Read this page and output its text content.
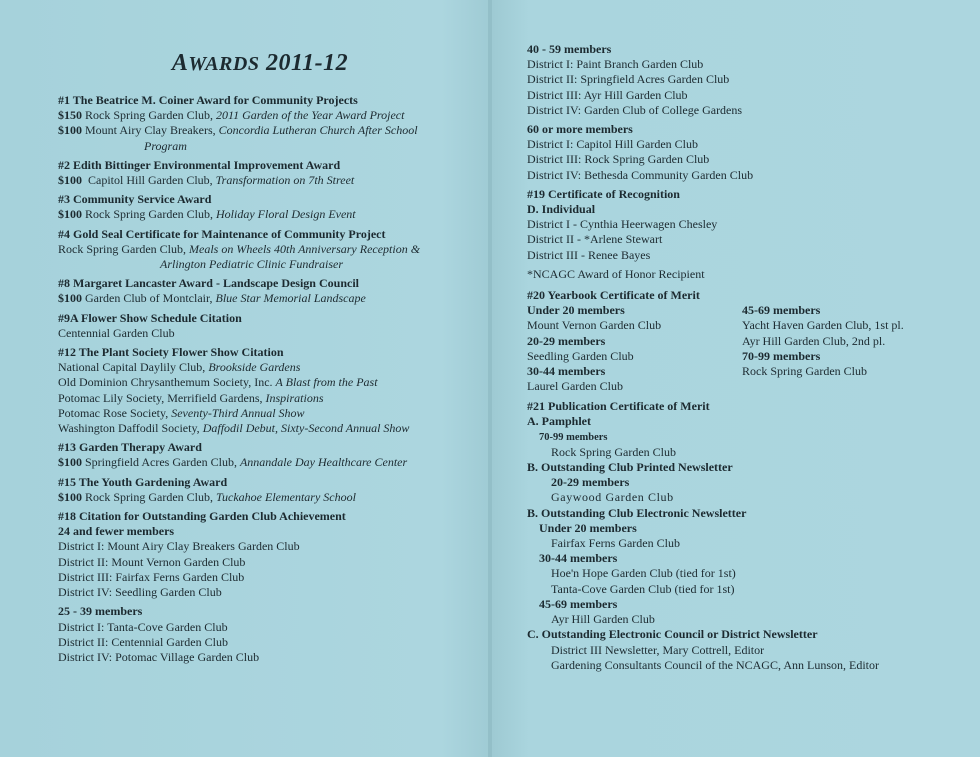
AWARDS 2011-12
#1 The Beatrice M. Coiner Award for Community Projects
$150 Rock Spring Garden Club, 2011 Garden of the Year Award Project
$100 Mount Airy Clay Breakers, Concordia Lutheran Church After School
Program
#2 Edith Bittinger Environmental Improvement Award
$100 Capitol Hill Garden Club, Transformation on 7th Street
#3 Community Service Award
$100 Rock Spring Garden Club, Holiday Floral Design Event
#4 Gold Seal Certificate for Maintenance of Community Project
Rock Spring Garden Club, Meals on Wheels 40th Anniversary Reception &
Arlington Pediatric Clinic Fundraiser
#8 Margaret Lancaster Award - Landscape Design Council
$100 Garden Club of Montclair, Blue Star Memorial Landscape
#9A Flower Show Schedule Citation
Centennial Garden Club
#12 The Plant Society Flower Show Citation
National Capital Daylily Club, Brookside Gardens
Old Dominion Chrysanthemum Society, Inc. A Blast from the Past
Potomac Lily Society, Merrifield Gardens, Inspirations
Potomac Rose Society, Seventy-Third Annual Show
Washington Daffodil Society, Daffodil Debut, Sixty-Second Annual Show
#13 Garden Therapy Award
$100 Springfield Acres Garden Club, Annandale Day Healthcare Center
#15 The Youth Gardening Award
$100 Rock Spring Garden Club, Tuckahoe Elementary School
#18 Citation for Outstanding Garden Club Achievement
24 and fewer members
District I: Mount Airy Clay Breakers Garden Club
District II: Mount Vernon Garden Club
District III: Fairfax Ferns Garden Club
District IV: Seedling Garden Club
25 - 39 members
District I: Tanta-Cove Garden Club
District II: Centennial Garden Club
District IV: Potomac Village Garden Club
40 - 59 members
District I: Paint Branch Garden Club
District II: Springfield Acres Garden Club
District III: Ayr Hill Garden Club
District IV: Garden Club of College Gardens
60 or more members
District I: Capitol Hill Garden Club
District III: Rock Spring Garden Club
District IV: Bethesda Community Garden Club
#19 Certificate of Recognition
D. Individual
District I - Cynthia Heerwagen Chesley
District II - *Arlene Stewart
District III - Renee Bayes
*NCAGC Award of Honor Recipient
#20 Yearbook Certificate of Merit
Under 20 members
Mount Vernon Garden Club
20-29 members
Seedling Garden Club
30-44 members
Laurel Garden Club
45-69 members
Yacht Haven Garden Club, 1st pl.
Ayr Hill Garden Club, 2nd pl.
70-99 members
Rock Spring Garden Club
#21 Publication Certificate of Merit
A. Pamphlet
70-99 members
Rock Spring Garden Club
B. Outstanding Club Printed Newsletter
20-29 members
Gaywood Garden Club
B. Outstanding Club Electronic Newsletter
Under 20 members
Fairfax Ferns Garden Club
30-44 members
Hoe'n Hope Garden Club (tied for 1st)
Tanta-Cove Garden Club (tied for 1st)
45-69 members
Ayr Hill Garden Club
C. Outstanding Electronic Council or District Newsletter
District III Newsletter, Mary Cottrell, Editor
Gardening Consultants Council of the NCAGC, Ann Lunson, Editor
